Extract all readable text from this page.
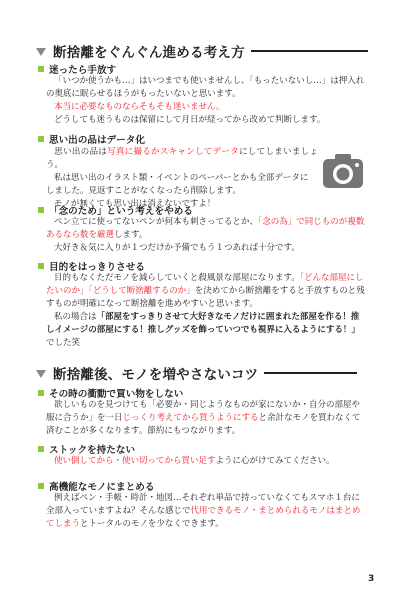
断捨離をぐんぐん進める考え方
迷ったら手放す
「いつか使うかも…」はいつまでも使いませんし、「もったいないし…」は押入れ
の奥底に眠らせるほうがもったいないと思います。
本当に必要なものならそもそも迷いません。
どうしても迷うものは保留にして月日が経ってから改めて判断します。
思い出の品はデータ化
思い出の品は写真に撮るかスキャンしてデータにしてしまいましょう。
私は思い出のイラスト類・イベントのペーパーとかも全部データに
しました。見返すことがなくなったら削除します。
モノが無くても思い出は消えないですよ！
「念のため」という考えをやめる
ペン立てに使ってないペンが何本も刺さってるとか、「念の為」で同じものが複数
あるなら数を厳選します。
大好き＆気に入りが１つだけか予備でもう１つあれば十分です。
目的をはっきりさせる
目的もなくただモノを減らしていくと殺風景な部屋になります。「どんな部屋にし
たいのか」「どうして断捨離するのか」を決めてから断捨離をすると手放すものと残
すものが明確になって断捨離を進めやすいと思います。
私の場合は「部屋をすっきりさせて大好きなモノだけに囲まれた部屋を作る！推
しイメージの部屋にする！推しグッズを飾っていつでも視界に入るようにする！」
でした笑
断捨離後、モノを増やさないコツ
その時の衝動で買い物をしない
欲しいものを見つけても「必要か・同じようなものが家にないか・自分の部屋や
服に合うか」を一日じっくり考えてから買うようにすると余計なモノを買わなくて
済むことが多くなります。節約にもつながります。
ストックを持たない
使い倒してから・使い切ってから買い足すように心がけてみてください。
高機能なモノにまとめる
例えばペン・手帳・時計・地図…それぞれ単品で持っていなくてもスマホ１台に
全部入っていますよね？そんな感じで代用できるモノ・まとめられるモノはまとめ
てしまうとトータルのモノを少なくできます。
3
